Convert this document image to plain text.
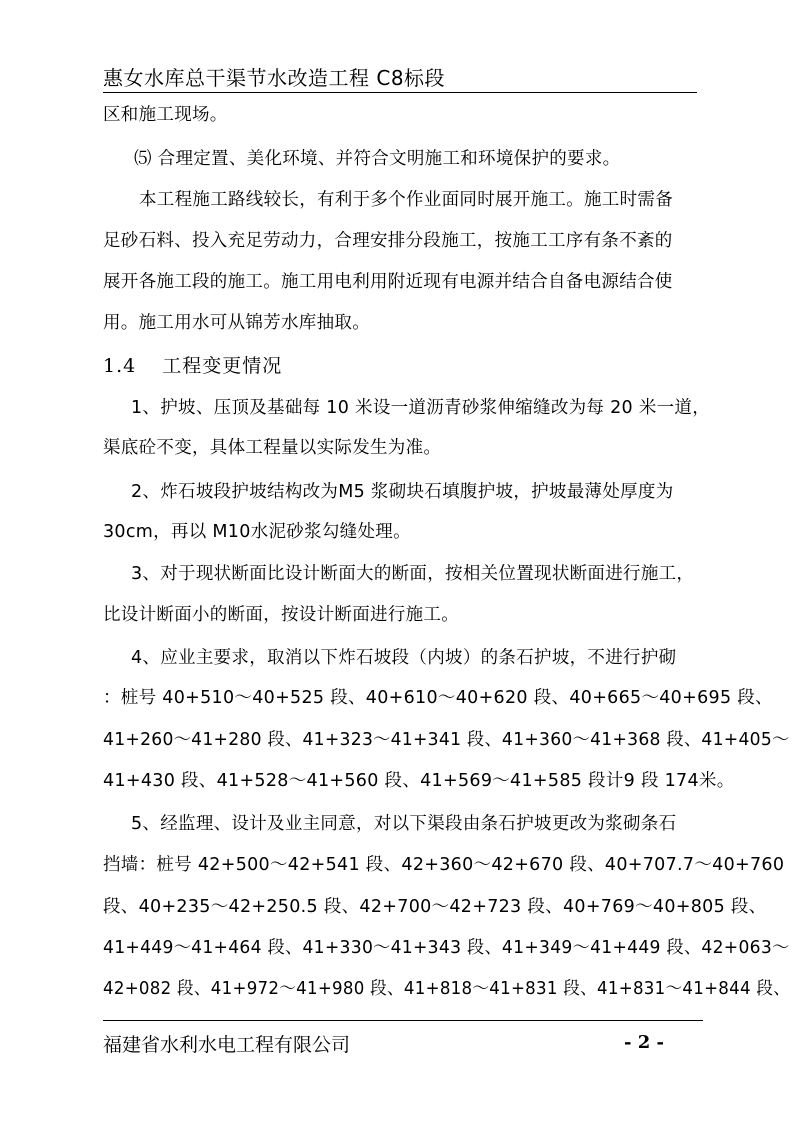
惠女水库总干渠节水改造工程 C8标段
区和施工现场。
⑸ 合理定置、美化环境、并符合文明施工和环境保护的要求。
本工程施工路线较长，有利于多个作业面同时展开施工。施工时需备
足砂石料、投入充足劳动力，合理安排分段施工，按施工工序有条不紊的
展开各施工段的施工。施工用电利用附近现有电源并结合自备电源结合使
用。施工用水可从锦芳水库抽取。
1.4 工程变更情况
1、护坡、压顶及基础每 10 米设一道沥青砂浆伸缩缝改为每 20 米一道，
渠底砼不变，具体工程量以实际发生为准。
2、炸石坡段护坡结构改为M5 浆砌块石填腹护坡，护坡最薄处厚度为
30cm，再以 M10水泥砂浆勾缝处理。
3、对于现状断面比设计断面大的断面，按相关位置现状断面进行施工，
比设计断面小的断面，按设计断面进行施工。
4、应业主要求，取消以下炸石坡段（内坡）的条石护坡，不进行护砌
：桩号 40+510～40+525 段、40+610～40+620 段、40+665～40+695 段、
41+260～41+280 段、41+323～41+341 段、41+360～41+368 段、41+405～
41+430 段、41+528～41+560 段、41+569～41+585 段计9 段 174米。
5、经监理、设计及业主同意，对以下渠段由条石护坡更改为浆砌条石
挡墙：桩号 42+500～42+541 段、42+360～42+670 段、40+707.7～40+760
段、40+235～42+250.5 段、42+700～42+723 段、40+769～40+805 段、
41+449～41+464 段、41+330～41+343 段、41+349～41+449 段、42+063～
42+082 段、41+972～41+980 段、41+818～41+831 段、41+831～41+844 段、
福建省水利水电工程有限公司	- 2 -
